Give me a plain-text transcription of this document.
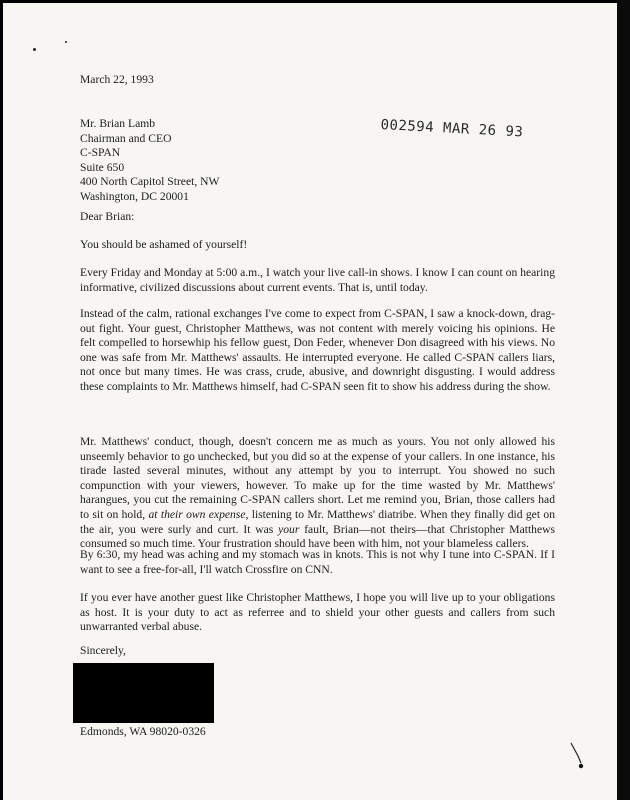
March 22, 1993

Mr. Brian Lamb
Chairman and CEO
C-SPAN
Suite 650
400 North Capitol Street, NW
Washington, DC 20001
002594 MAR 26 93

Dear Brian:

You should be ashamed of yourself!

Every Friday and Monday at 5:00 a.m., I watch your live call-in shows. I know I can count on hearing informative, civilized discussions about current events. That is, until today.

Instead of the calm, rational exchanges I've come to expect from C-SPAN, I saw a knock-down, drag-out fight. Your guest, Christopher Matthews, was not content with merely voicing his opinions. He felt compelled to horsewhip his fellow guest, Don Feder, whenever Don disagreed with his views. No one was safe from Mr. Matthews' assaults. He interrupted everyone. He called C-SPAN callers liars, not once but many times. He was crass, crude, abusive, and downright disgusting. I would address these complaints to Mr. Matthews himself, had C-SPAN seen fit to show his address during the show.

Mr. Matthews' conduct, though, doesn't concern me as much as yours. You not only allowed his unseemly behavior to go unchecked, but you did so at the expense of your callers. In one instance, his tirade lasted several minutes, without any attempt by you to interrupt. You showed no such compunction with your viewers, however. To make up for the time wasted by Mr. Matthews' harangues, you cut the remaining C-SPAN callers short. Let me remind you, Brian, those callers had to sit on hold, at their own expense, listening to Mr. Matthews' diatribe. When they finally did get on the air, you were surly and curt. It was your fault, Brian—not theirs—that Christopher Matthews consumed so much time. Your frustration should have been with him, not your blameless callers.

By 6:30, my head was aching and my stomach was in knots. This is not why I tune into C-SPAN. If I want to see a free-for-all, I'll watch Crossfire on CNN.

If you ever have another guest like Christopher Matthews, I hope you will live up to your obligations as host. It is your duty to act as referree and to shield your other guests and callers from such unwarranted verbal abuse.

Sincerely,

Edmonds, WA 98020-0326
